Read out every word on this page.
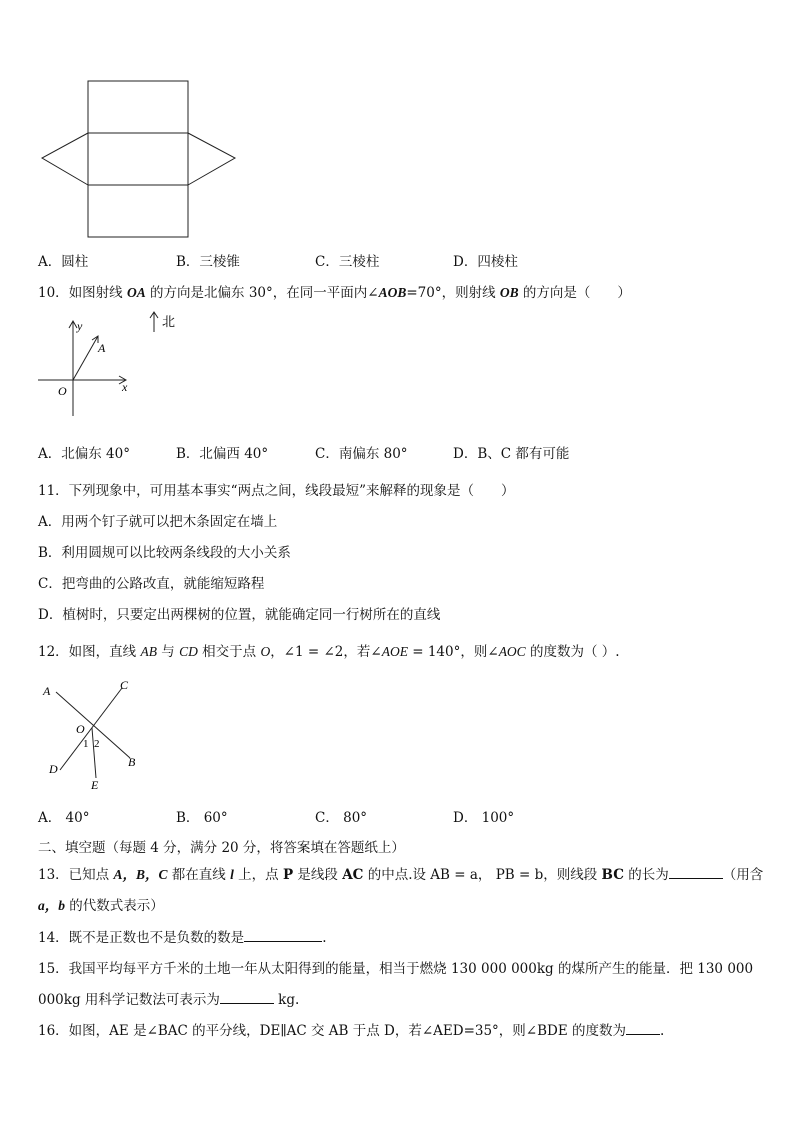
A．圆柱	B．三棱锥	C．三棱柱	D．四棱柱
10．如图射线 OA 的方向是北偏东 30°，在同一平面内∠AOB=70°，则射线 OB 的方向是（　　）
北
y
x
O
A
A．北偏东 40°	B．北偏西 40°	C．南偏东 80°	D．B、C 都有可能
11．下列现象中，可用基本事实“两点之间，线段最短”来解释的现象是（　　）
A．用两个钉子就可以把木条固定在墙上
B．利用圆规可以比较两条线段的大小关系
C．把弯曲的公路改直，就能缩短路程
D．植树时，只要定出两棵树的位置，就能确定同一行树所在的直线
12．如图，直线 AB 与 CD 相交于点 O，∠1 = ∠2，若∠AOE = 140°，则∠AOC 的度数为（ ）.
A	C
O
1 2
D	B
E
A． 40°	B． 60°	C． 80°	D． 100°
二、填空题（每题 4 分，满分 20 分，将答案填在答题纸上）
13．已知点 A，B，C 都在直线 l 上，点 P 是线段 AC 的中点.设 AB = a， PB = b，则线段 BC 的长为	（用含
a，b 的代数式表示）
14．既不是正数也不是负数的数是	.
15．我国平均每平方千米的土地一年从太阳得到的能量，相当于燃烧 130 000 000kg 的煤所产生的能量．把 130 000
000kg 用科学记数法可表示为	kg.
16．如图，AE 是∠BAC 的平分线，DE∥AC 交 AB 于点 D，若∠AED=35°，则∠BDE 的度数为	.
